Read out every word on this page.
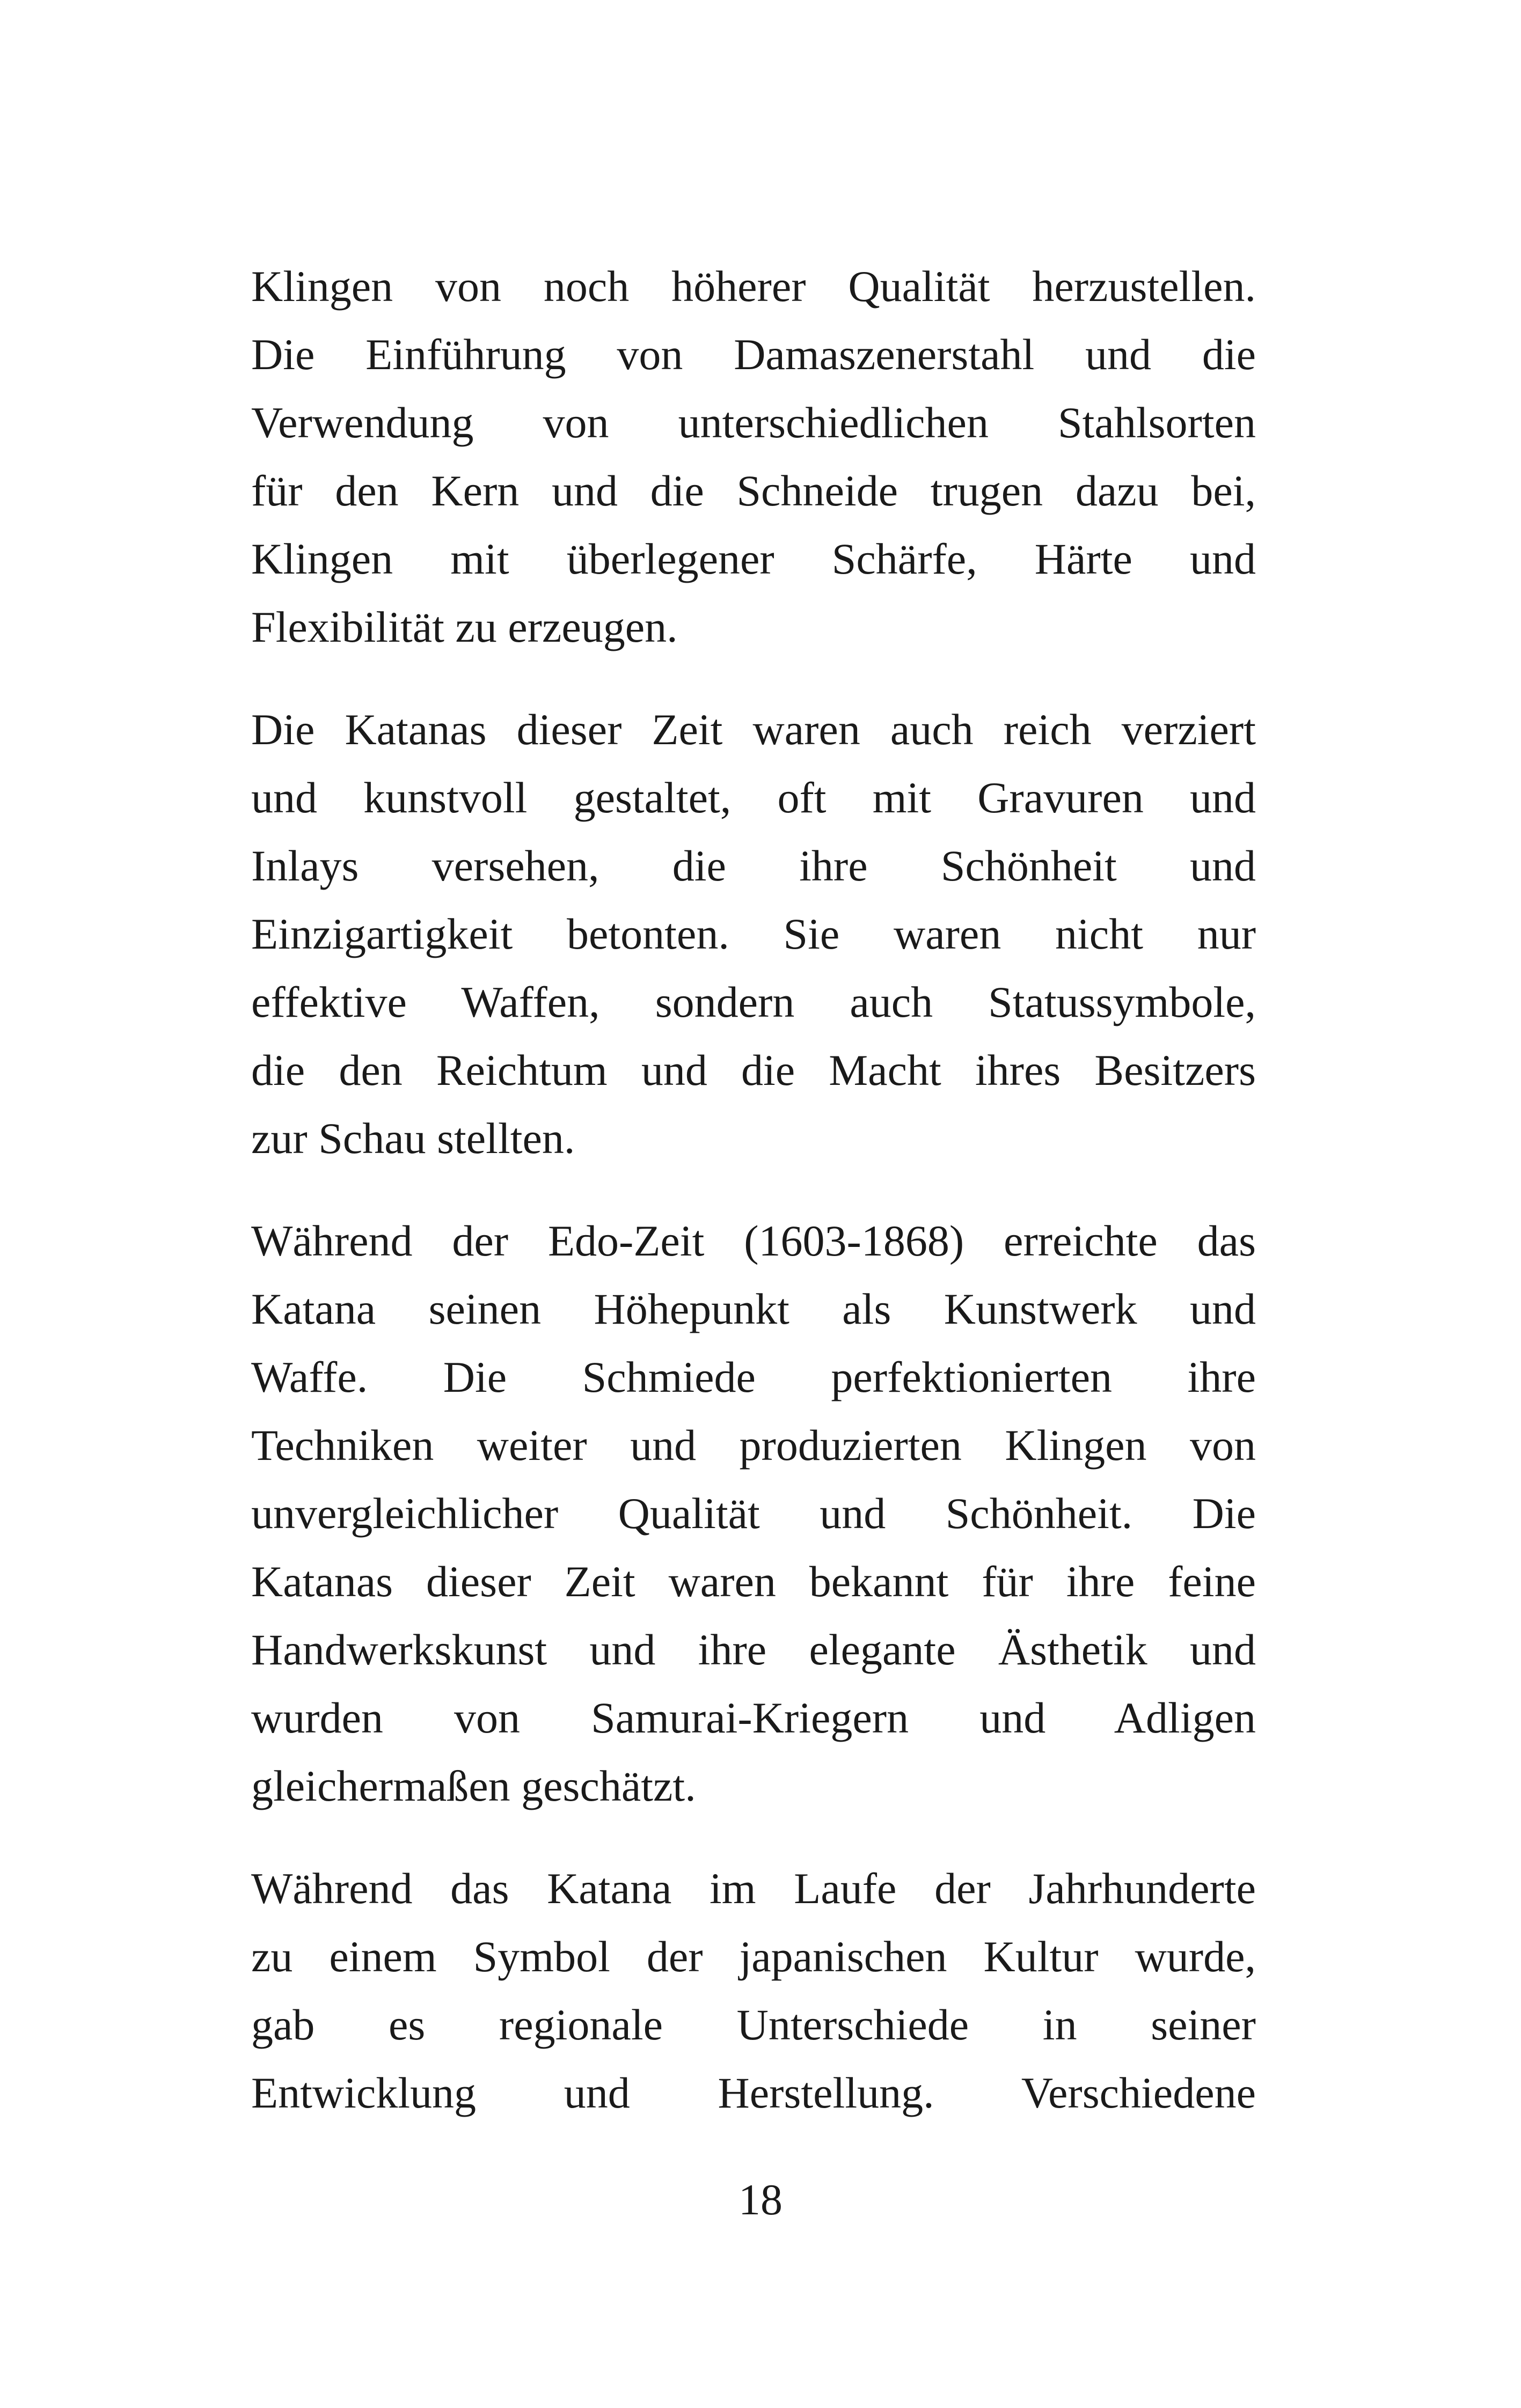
Klingen von noch höherer Qualität herzustellen.
Die Einführung von Damaszenerstahl und die
Verwendung von unterschiedlichen Stahlsorten
für den Kern und die Schneide trugen dazu bei,
Klingen mit überlegener Schärfe, Härte und
Flexibilität zu erzeugen.

Die Katanas dieser Zeit waren auch reich verziert
und kunstvoll gestaltet, oft mit Gravuren und
Inlays versehen, die ihre Schönheit und
Einzigartigkeit betonten. Sie waren nicht nur
effektive Waffen, sondern auch Statussymbole,
die den Reichtum und die Macht ihres Besitzers
zur Schau stellten.

Während der Edo-Zeit (1603-1868) erreichte das
Katana seinen Höhepunkt als Kunstwerk und
Waffe. Die Schmiede perfektionierten ihre
Techniken weiter und produzierten Klingen von
unvergleichlicher Qualität und Schönheit. Die
Katanas dieser Zeit waren bekannt für ihre feine
Handwerkskunst und ihre elegante Ästhetik und
wurden von Samurai-Kriegern und Adligen
gleichermaßen geschätzt.

Während das Katana im Laufe der Jahrhunderte
zu einem Symbol der japanischen Kultur wurde,
gab es regionale Unterschiede in seiner
Entwicklung und Herstellung. Verschiedene

18
